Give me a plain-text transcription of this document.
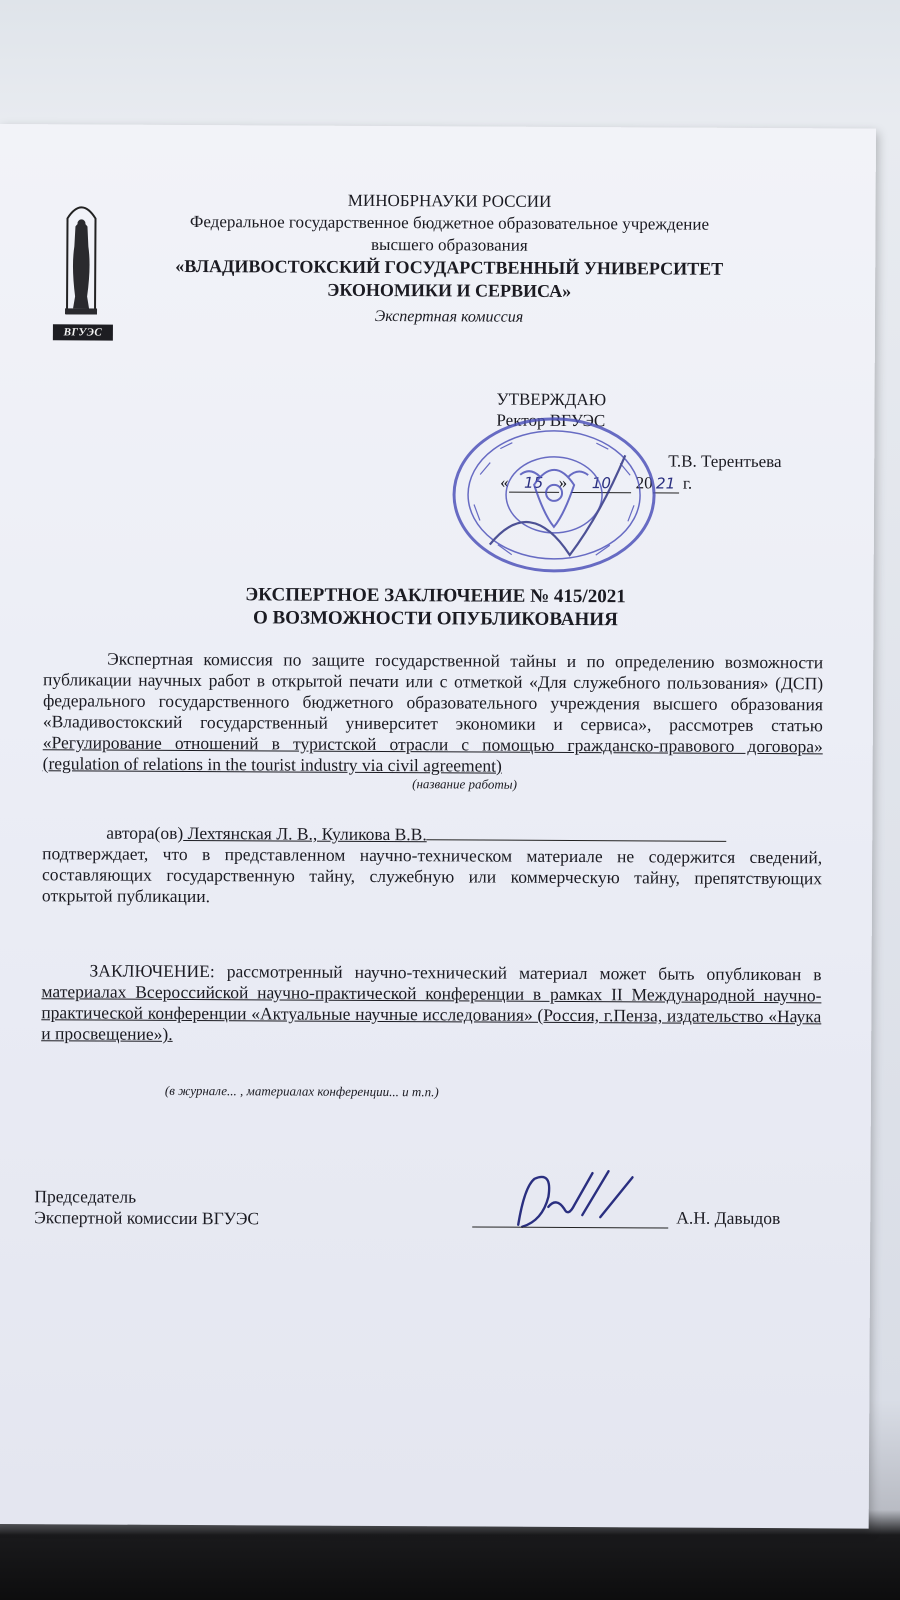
ВГУЭС
МИНОБРНАУКИ РОССИИ
Федеральное государственное бюджетное образовательное учреждение
высшего образования
«ВЛАДИВОСТОКСКИЙ ГОСУДАРСТВЕННЫЙ УНИВЕРСИТЕТ
ЭКОНОМИКИ И СЕРВИСА»
Экспертная комиссия
УТВЕРЖДАЮ
Ректор ВГУЭС
Т.В. Терентьева
« 15 » 10 20 21 г.
ЭКСПЕРТНОЕ ЗАКЛЮЧЕНИЕ № 415/2021
О ВОЗМОЖНОСТИ ОПУБЛИКОВАНИЯ
Экспертная комиссия по защите государственной тайны и по определению возможности публикации научных работ в открытой печати или с отметкой «Для служебного пользования» (ДСП) федерального государственного бюджетного образовательного учреждения высшего образования «Владивостокский государственный университет экономики и сервиса», рассмотрев статью «Регулирование отношений в туристской отрасли с помощью гражданско-правового договора» (regulation of relations in the tourist industry via civil agreement)
(название работы)
автора(ов) Лехтянская Л. В., Куликова В.В.
подтверждает, что в представленном научно-техническом материале не содержится сведений, составляющих государственную тайну, служебную или коммерческую тайну, препятствующих открытой публикации.
ЗАКЛЮЧЕНИЕ: рассмотренный научно-технический материал может быть опубликован в материалах Всероссийской научно-практической конференции в рамках II Международной научно-практической конференции «Актуальные научные исследования» (Россия, г.Пенза, издательство «Наука и просвещение»).
(в журнале... , материалах конференции... и т.п.)
Председатель
Экспертной комиссии ВГУЭС	А.Н. Давыдов
